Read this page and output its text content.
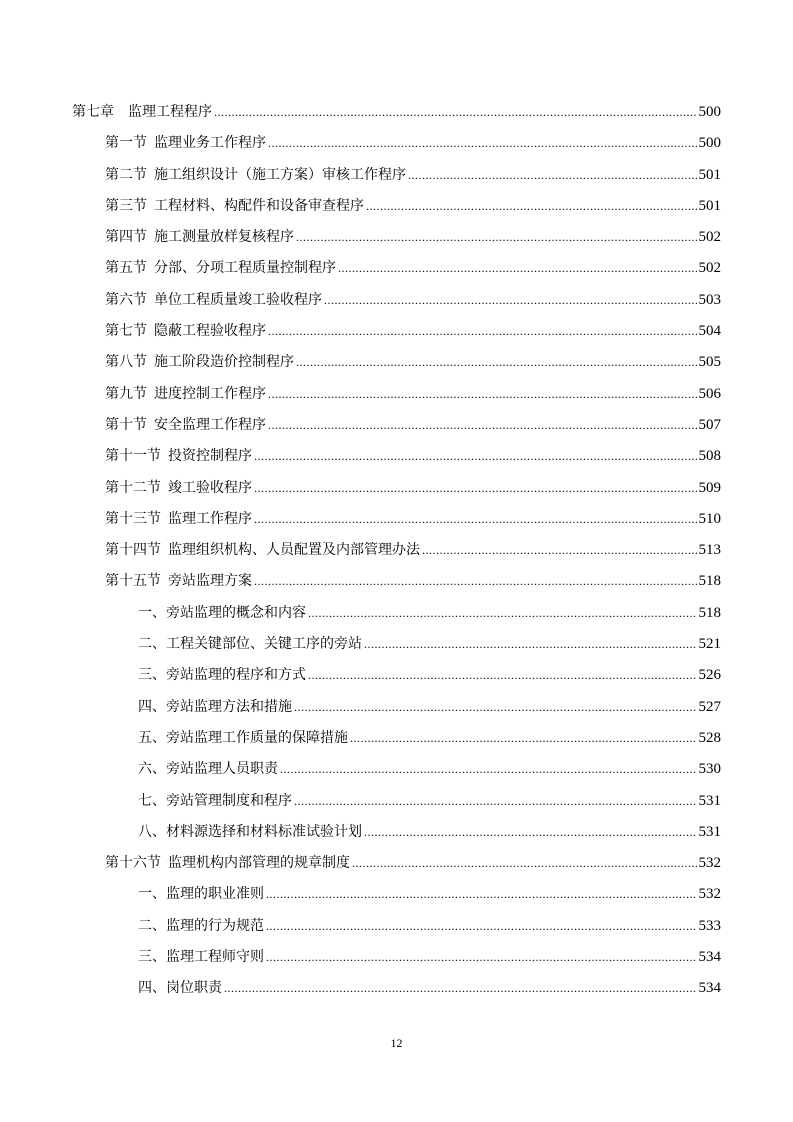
第七章 监理工程程序 .....	500
第一节 监理业务工作程序 .....	500
第二节 施工组织设计（施工方案）审核工作程序 .....	501
第三节 工程材料、构配件和设备审查程序 .....	501
第四节 施工测量放样复核程序 .....	502
第五节 分部、分项工程质量控制程序 .....	502
第六节 单位工程质量竣工验收程序 .....	503
第七节 隐蔽工程验收程序 .....	504
第八节 施工阶段造价控制程序 .....	505
第九节 进度控制工作程序 .....	506
第十节 安全监理工作程序 .....	507
第十一节 投资控制程序 .....	508
第十二节 竣工验收程序 .....	509
第十三节 监理工作程序 .....	510
第十四节 监理组织机构、人员配置及内部管理办法 .....	513
第十五节 旁站监理方案 .....	518
一、旁站监理的概念和内容 .....	518
二、工程关键部位、关键工序的旁站 .....	521
三、旁站监理的程序和方式 .....	526
四、旁站监理方法和措施 .....	527
五、旁站监理工作质量的保障措施 .....	528
六、旁站监理人员职责 .....	530
七、旁站管理制度和程序 .....	531
八、材料源选择和材料标准试验计划 .....	531
第十六节 监理机构内部管理的规章制度 .....	532
一、监理的职业准则 .....	532
二、监理的行为规范 .....	533
三、监理工程师守则 .....	534
四、岗位职责 .....	534
12
